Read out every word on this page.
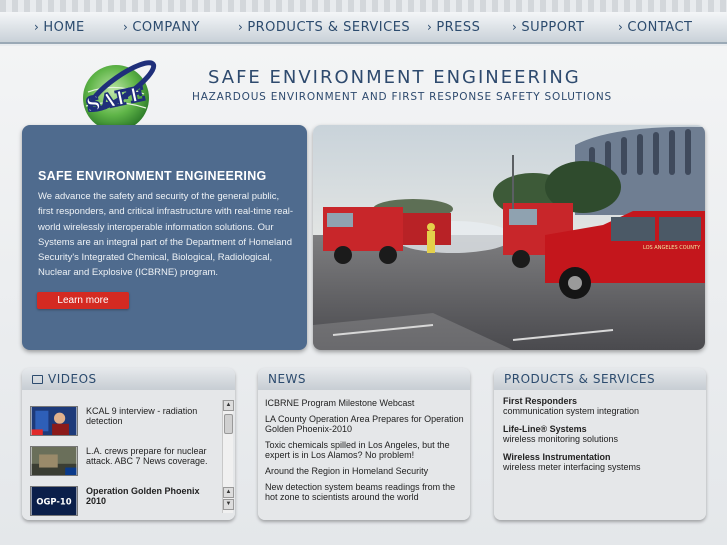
› HOME	› COMPANY	› PRODUCTS & SERVICES › PRESS	› SUPPORT	› CONTACT
SAFE
SAFE ENVIRONMENT ENGINEERING
HAZARDOUS ENVIRONMENT AND FIRST RESPONSE SAFETY SOLUTIONS
SAFE ENVIRONMENT ENGINEERING
We advance the safety and security of the general public, first responders, and critical infrastructure with real-time real-world wirelessly interoperable information solutions. Our Systems are an integral part of the Department of Homeland Security's Integrated Chemical, Biological, Radiological, Nuclear and Explosive (ICBRNE) program.
Learn more
LOS ANGELES COUNTY
VIDEOS
KCAL 9 interview - radiation detection
L.A. crews prepare for nuclear attack. ABC 7 News coverage.
OGP-10
Operation Golden Phoenix 2010
▲
▲
▼
NEWS
ICBRNE Program Milestone Webcast
LA County Operation Area Prepares for Operation Golden Phoenix-2010
Toxic chemicals spilled in Los Angeles, but the expert is in Los Alamos? No problem!
Around the Region in Homeland Security
New detection system beams readings from the hot zone to scientists around the world
PRODUCTS & SERVICES
First Responders
communication system integration
Life-Line® Systems
wireless monitoring solutions
Wireless Instrumentation
wireless meter interfacing systems
